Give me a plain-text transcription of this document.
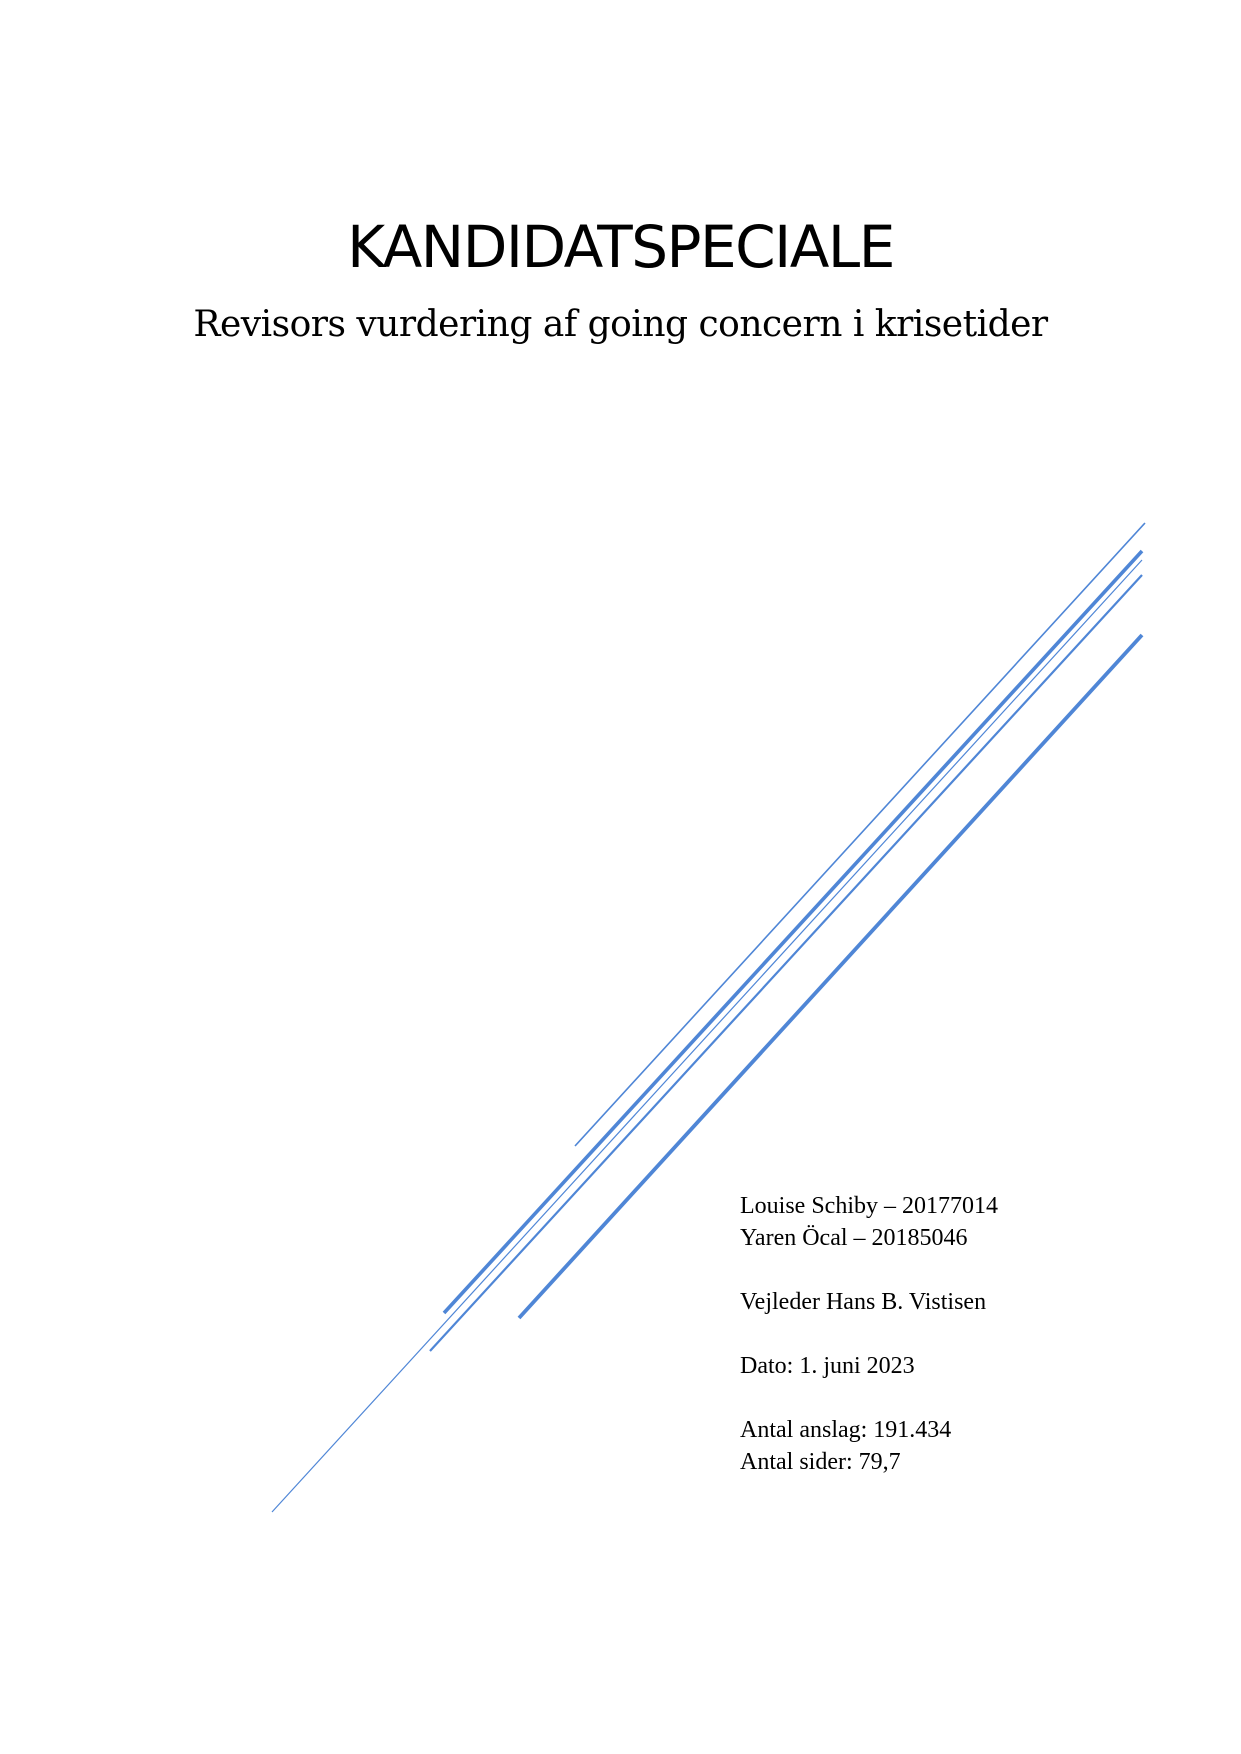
KANDIDATSPECIALE
Revisors vurdering af going concern i krisetider
Louise Schiby – 20177014
Yaren Öcal – 20185046
Vejleder Hans B. Vistisen
Dato: 1. juni 2023
Antal anslag: 191.434
Antal sider: 79,7
